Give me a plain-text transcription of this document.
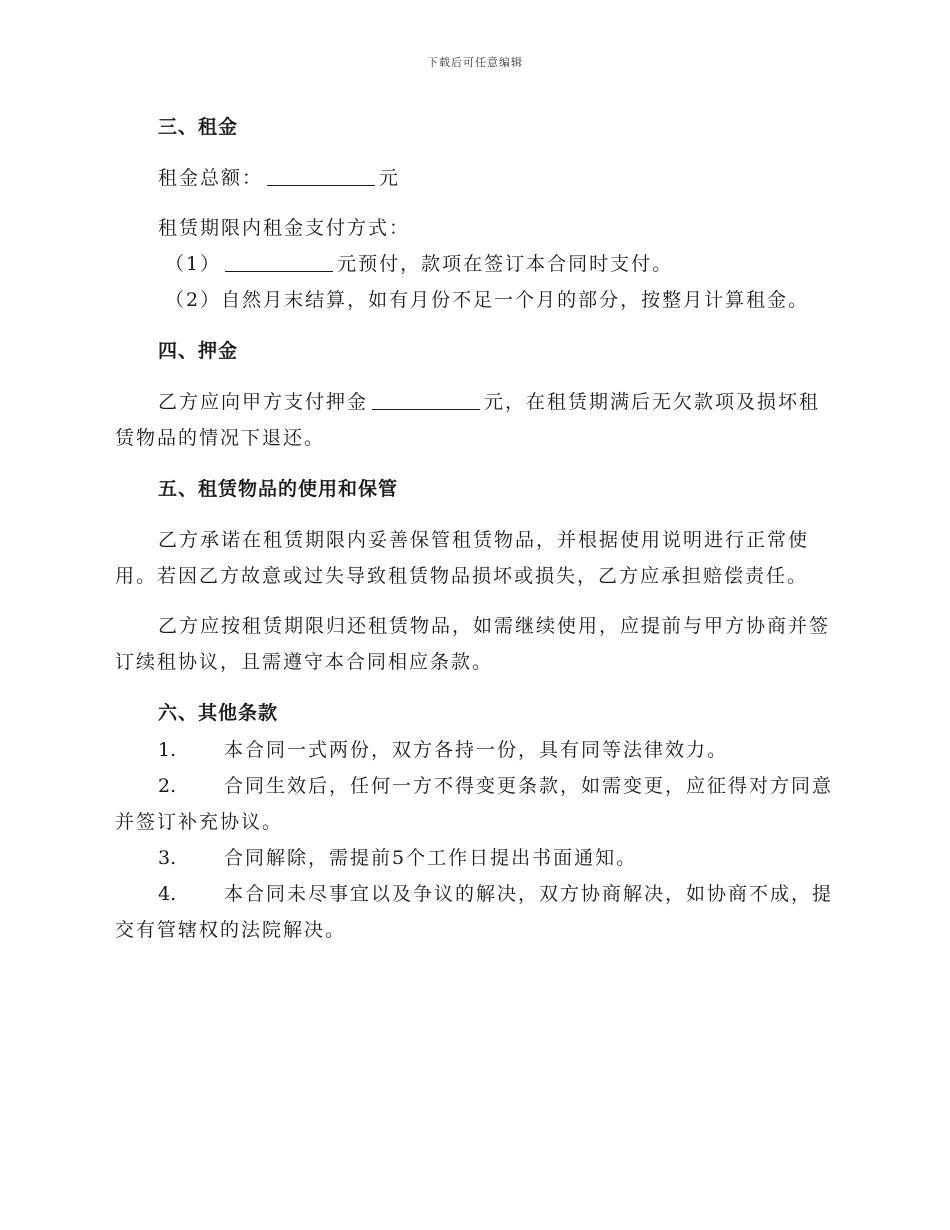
下载后可任意编辑
三、租金

租金总额：	元

租赁期限内租金支付方式：

（1）	元预付，款项在签订本合同时支付。

（2）自然月末结算，如有月份不足一个月的部分，按整月计算租金。

四、押金

乙方应向甲方支付押金	元，在租赁期满后无欠款项及损坏租赁物品的情况下退还。

五、租赁物品的使用和保管

乙方承诺在租赁期限内妥善保管租赁物品，并根据使用说明进行正常使用。若因乙方故意或过失导致租赁物品损坏或损失，乙方应承担赔偿责任。

乙方应按租赁期限归还租赁物品，如需继续使用，应提前与甲方协商并签订续租协议，且需遵守本合同相应条款。

六、其他条款

1.	本合同一式两份，双方各持一份，具有同等法律效力。

2.	合同生效后，任何一方不得变更条款，如需变更，应征得对方同意并签订补充协议。

3.	合同解除，需提前5个工作日提出书面通知。

4.	本合同未尽事宜以及争议的解决，双方协商解决，如协商不成，提交有管辖权的法院解决。
